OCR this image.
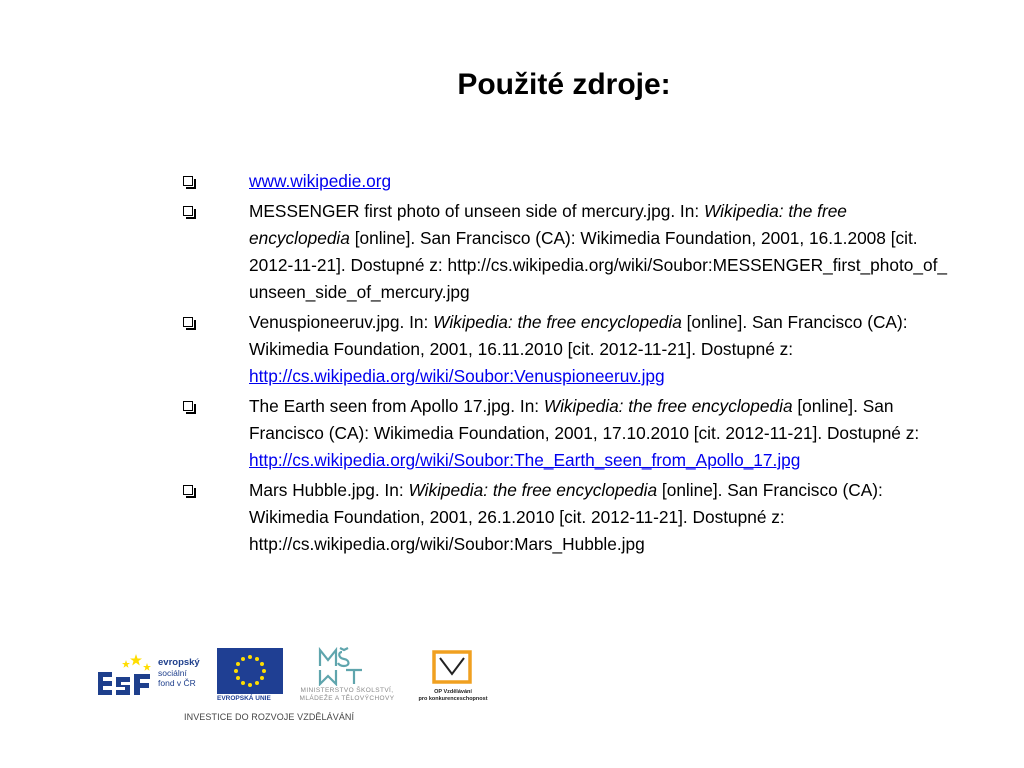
Použité zdroje:
www.wikipedie.org
MESSENGER first photo of unseen side of mercury.jpg. In: Wikipedia: the free encyclopedia [online]. San Francisco (CA): Wikimedia Foundation, 2001, 16.1.2008 [cit. 2012-11-21]. Dostupné z: http://cs.wikipedia.org/wiki/Soubor:MESSENGER_first_photo_of_unseen_side_of_mercury.jpg
Venuspioneeruv.jpg. In: Wikipedia: the free encyclopedia [online]. San Francisco (CA): Wikimedia Foundation, 2001, 16.11.2010 [cit. 2012-11-21]. Dostupné z: http://cs.wikipedia.org/wiki/Soubor:Venuspioneeruv.jpg
The Earth seen from Apollo 17.jpg. In: Wikipedia: the free encyclopedia [online]. San Francisco (CA): Wikimedia Foundation, 2001, 17.10.2010 [cit. 2012-11-21]. Dostupné z: http://cs.wikipedia.org/wiki/Soubor:The_Earth_seen_from_Apollo_17.jpg
Mars Hubble.jpg. In: Wikipedia: the free encyclopedia [online]. San Francisco (CA): Wikimedia Foundation, 2001, 26.1.2010 [cit. 2012-11-21]. Dostupné z: http://cs.wikipedia.org/wiki/Soubor:Mars_Hubble.jpg
evropský
sociální
fond v ČR
EVROPSKÁ UNIE
MINISTERSTVO ŠKOLSTVÍ,
MLÁDEŽE A TĚLOVÝCHOVY
OP Vzdělávání
pro konkurenceschopnost
INVESTICE DO ROZVOJE VZDĚLÁVÁNÍ
